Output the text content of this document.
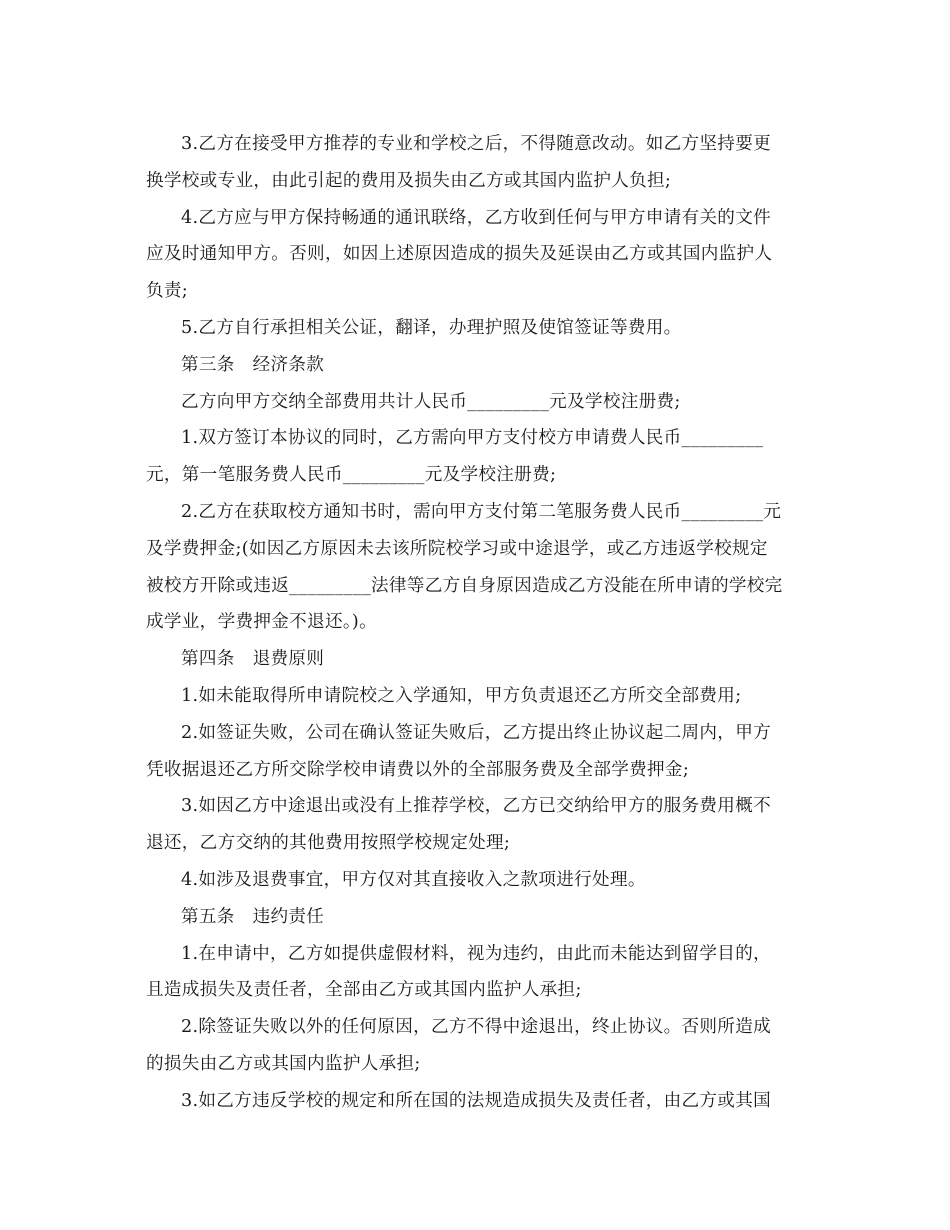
3.乙方在接受甲方推荐的专业和学校之后，不得随意改动。如乙方坚持要更
换学校或专业，由此引起的费用及损失由乙方或其国内监护人负担;
4.乙方应与甲方保持畅通的通讯联络，乙方收到任何与甲方申请有关的文件
应及时通知甲方。否则，如因上述原因造成的损失及延误由乙方或其国内监护人
负责;
5.乙方自行承担相关公证，翻译，办理护照及使馆签证等费用。
第三条　经济条款
乙方向甲方交纳全部费用共计人民币_________元及学校注册费;
1.双方签订本协议的同时，乙方需向甲方支付校方申请费人民币_________
元，第一笔服务费人民币_________元及学校注册费;
2.乙方在获取校方通知书时，需向甲方支付第二笔服务费人民币_________元
及学费押金;(如因乙方原因未去该所院校学习或中途退学，或乙方违返学校规定
被校方开除或违返_________法律等乙方自身原因造成乙方没能在所申请的学校完
成学业，学费押金不退还。)。
第四条　退费原则
1.如未能取得所申请院校之入学通知，甲方负责退还乙方所交全部费用;
2.如签证失败，公司在确认签证失败后，乙方提出终止协议起二周内，甲方
凭收据退还乙方所交除学校申请费以外的全部服务费及全部学费押金;
3.如因乙方中途退出或没有上推荐学校，乙方已交纳给甲方的服务费用概不
退还，乙方交纳的其他费用按照学校规定处理;
4.如涉及退费事宜，甲方仅对其直接收入之款项进行处理。
第五条　违约责任
1.在申请中，乙方如提供虚假材料，视为违约，由此而未能达到留学目的，
且造成损失及责任者，全部由乙方或其国内监护人承担;
2.除签证失败以外的任何原因，乙方不得中途退出，终止协议。否则所造成
的损失由乙方或其国内监护人承担;
3.如乙方违反学校的规定和所在国的法规造成损失及责任者，由乙方或其国
